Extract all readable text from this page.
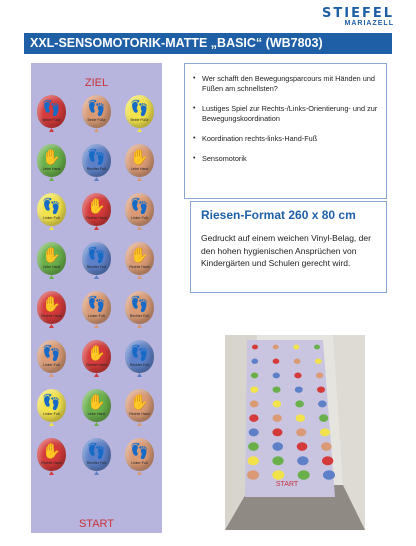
STIEFEL
MARIAZELL
XXL-SENSOMOTORIK-MATTE „BASIC“ (WB7803)
ZIEL
START
👣
Beide Füße
👣
Beide Füße
👣
Beide Füße
✋
Linke Hand
👣
Rechter Fuß
✋
Linke Hand
👣
Linker Fuß
✋
Rechte Hand
👣
Linker Fuß
✋
Linke Hand
👣
Rechter Fuß
✋
Rechte Hand
✋
Rechte Hand
👣
Linker Fuß
👣
Rechter Fuß
👣
Linker Fuß
✋
Rechte Hand
👣
Rechter Fuß
👣
Linker Fuß
✋
Linke Hand
✋
Rechte Hand
✋
Rechte Hand
👣
Rechter Fuß
👣
Linker Fuß
• Wer schafft den Bewegungsparcours mit Händen und Füßen am schnellsten?
• Lustiges Spiel zur Rechts-/Links-Orientierung- und zur Bewegungskoordination
• Koordination rechts-links-Hand-Fuß
• Sensomotorik
Riesen-Format 260 x 80 cm
Gedruckt auf einem weichen Vinyl-Belag, der den hohen hygienischen Ansprüchen von Kindergärten und Schulen gerecht wird.
START
